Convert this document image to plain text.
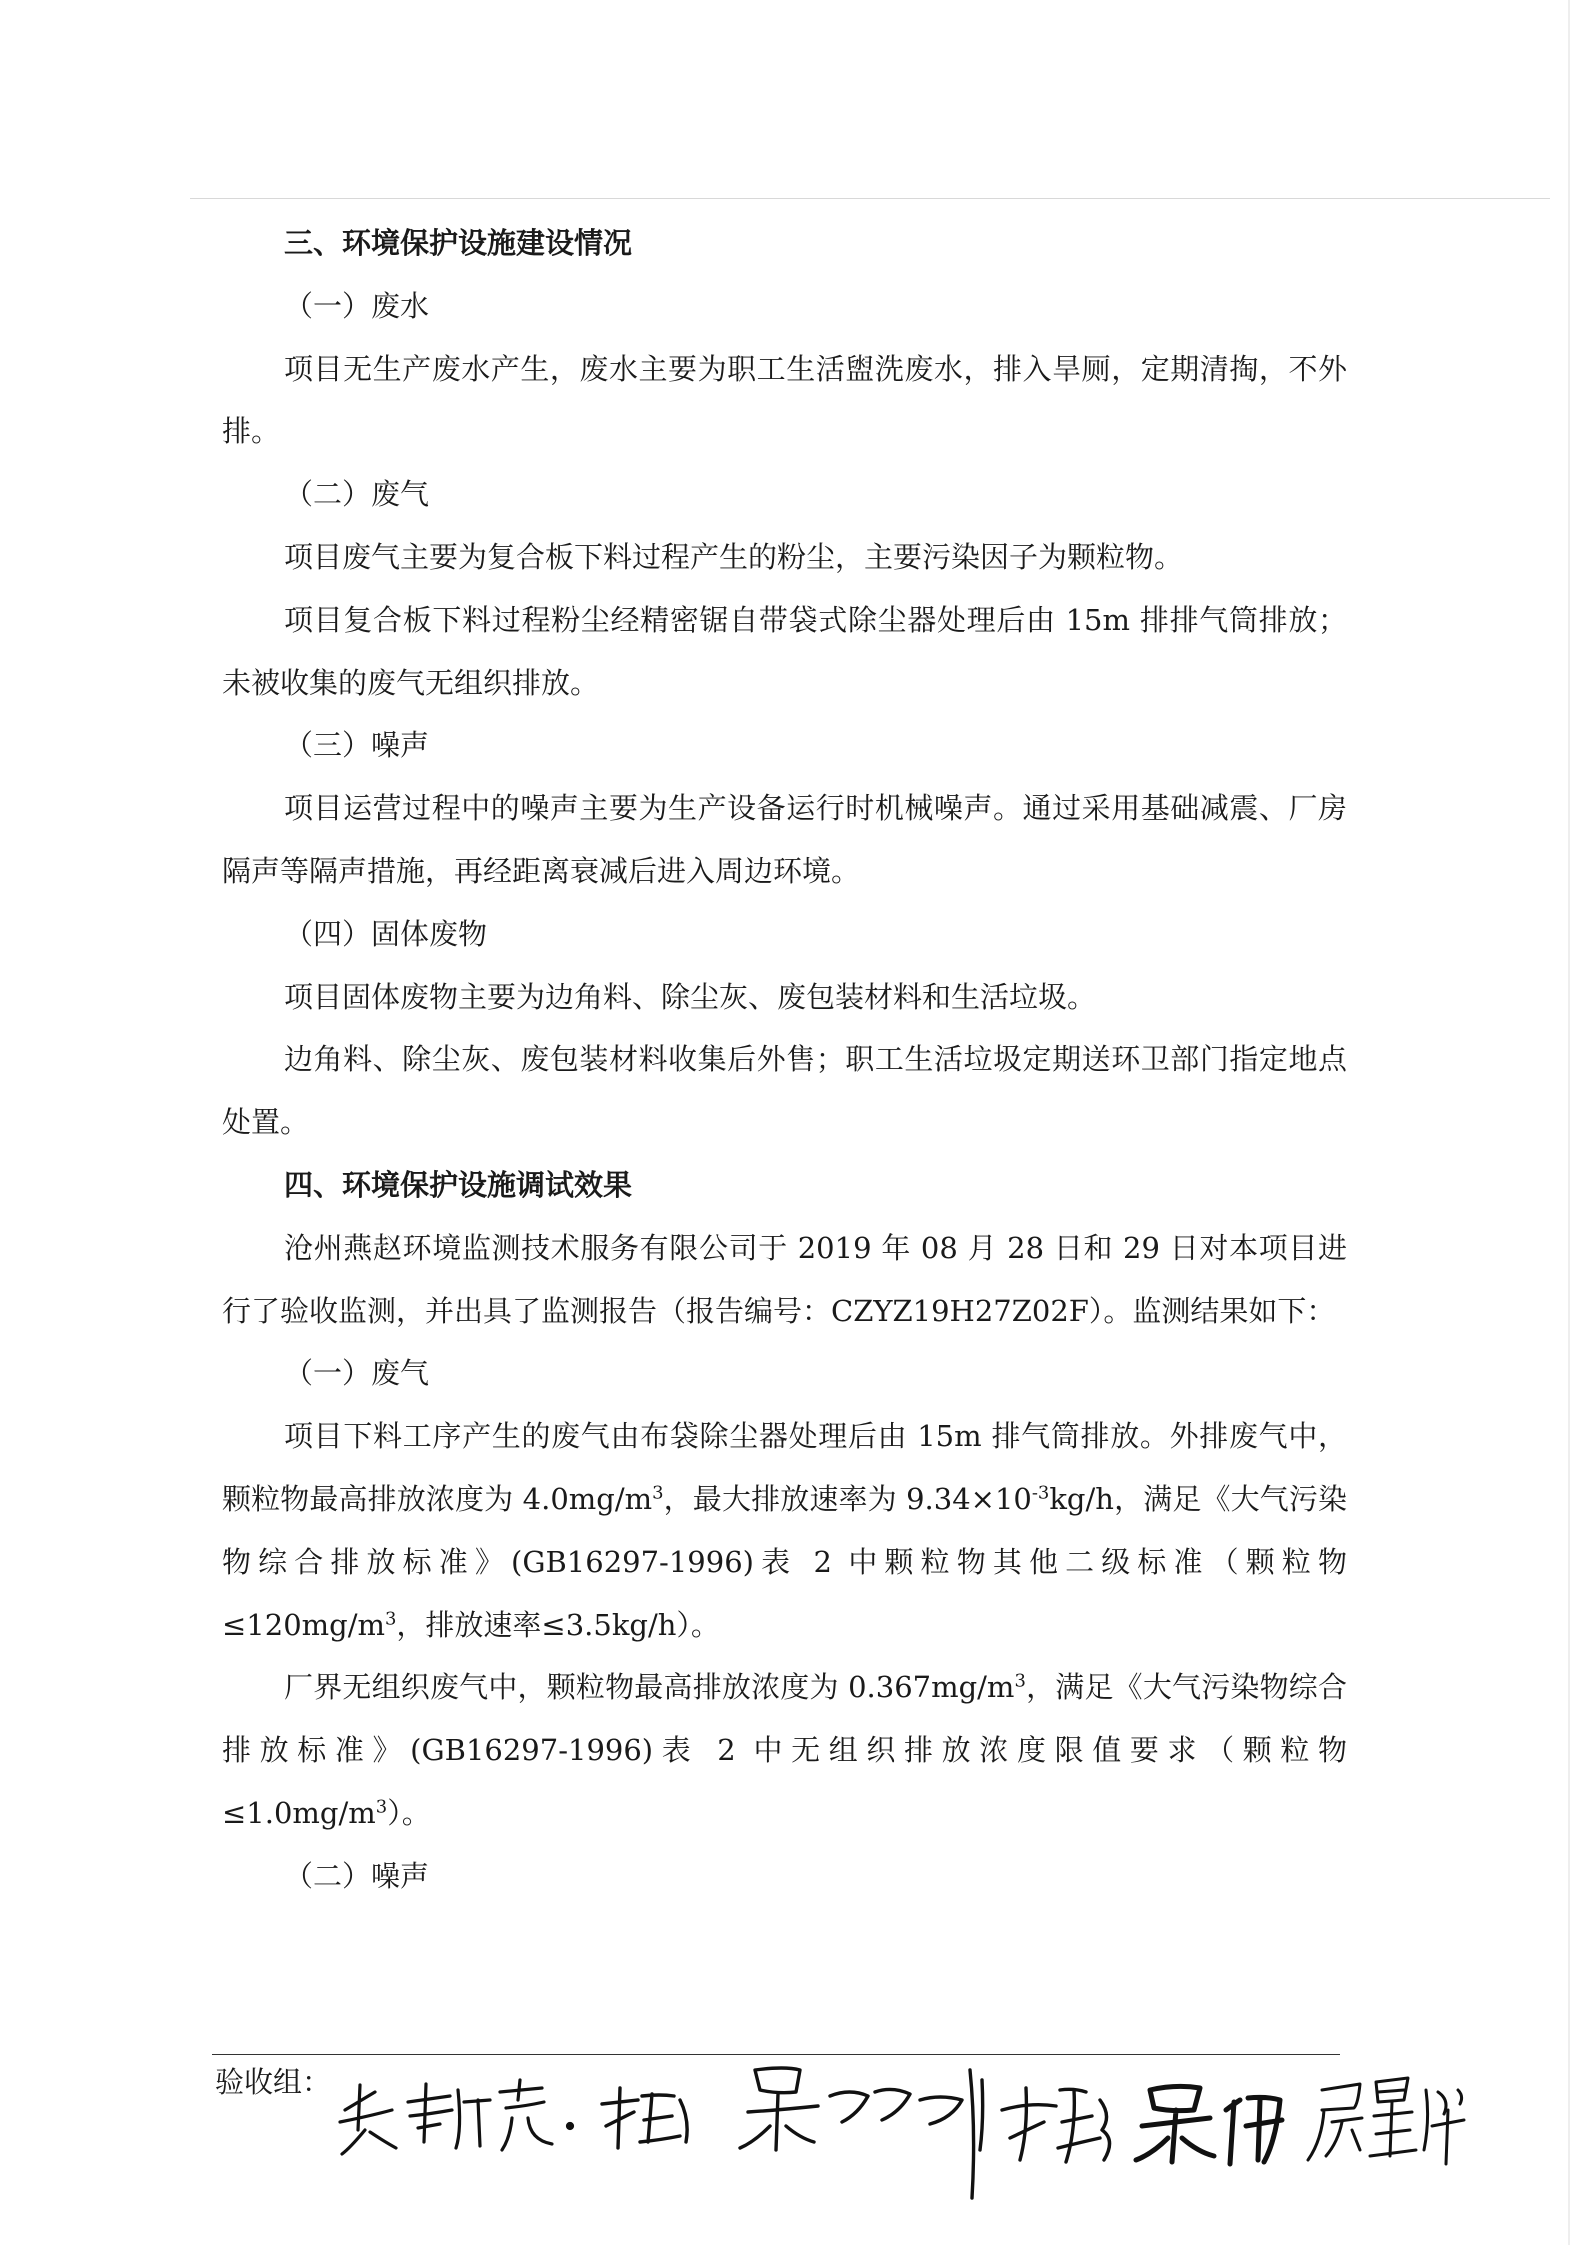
三、环境保护设施建设情况

（一）废水

项目无生产废水产生，废水主要为职工生活盥洗废水，排入旱厕，定期清掏，不外排。

（二）废气

项目废气主要为复合板下料过程产生的粉尘，主要污染因子为颗粒物。

项目复合板下料过程粉尘经精密锯自带袋式除尘器处理后由 15m 排排气筒排放；未被收集的废气无组织排放。

（三）噪声

项目运营过程中的噪声主要为生产设备运行时机械噪声。通过采用基础减震、厂房隔声等隔声措施，再经距离衰减后进入周边环境。

（四）固体废物

项目固体废物主要为边角料、除尘灰、废包装材料和生活垃圾。

边角料、除尘灰、废包装材料收集后外售；职工生活垃圾定期送环卫部门指定地点处置。

四、环境保护设施调试效果

沧州燕赵环境监测技术服务有限公司于 2019 年 08 月 28 日和 29 日对本项目进行了验收监测，并出具了监测报告（报告编号：CZYZ19H27Z02F）。监测结果如下：

（一）废气

项目下料工序产生的废气由布袋除尘器处理后由 15m 排气筒排放。外排废气中，颗粒物最高排放浓度为 $4.0mg/m^3$，最大排放速率为 $9.34\times 10^{-3}kg/h$，满足《大气污染物综合排放标准》(GB16297-1996)表 2 中颗粒物其他二级标准（颗粒物$\le 120mg/m^3$，排放速率≤3.5kg/h）。

厂界无组织废气中，颗粒物最高排放浓度为 $0.367mg/m^3$，满足《大气污染物综合排放标准》(GB16297-1996)表 2 中无组织排放浓度限值要求（颗粒物$\le 1.0mg/m^3$）。

（二）噪声

验收组：
